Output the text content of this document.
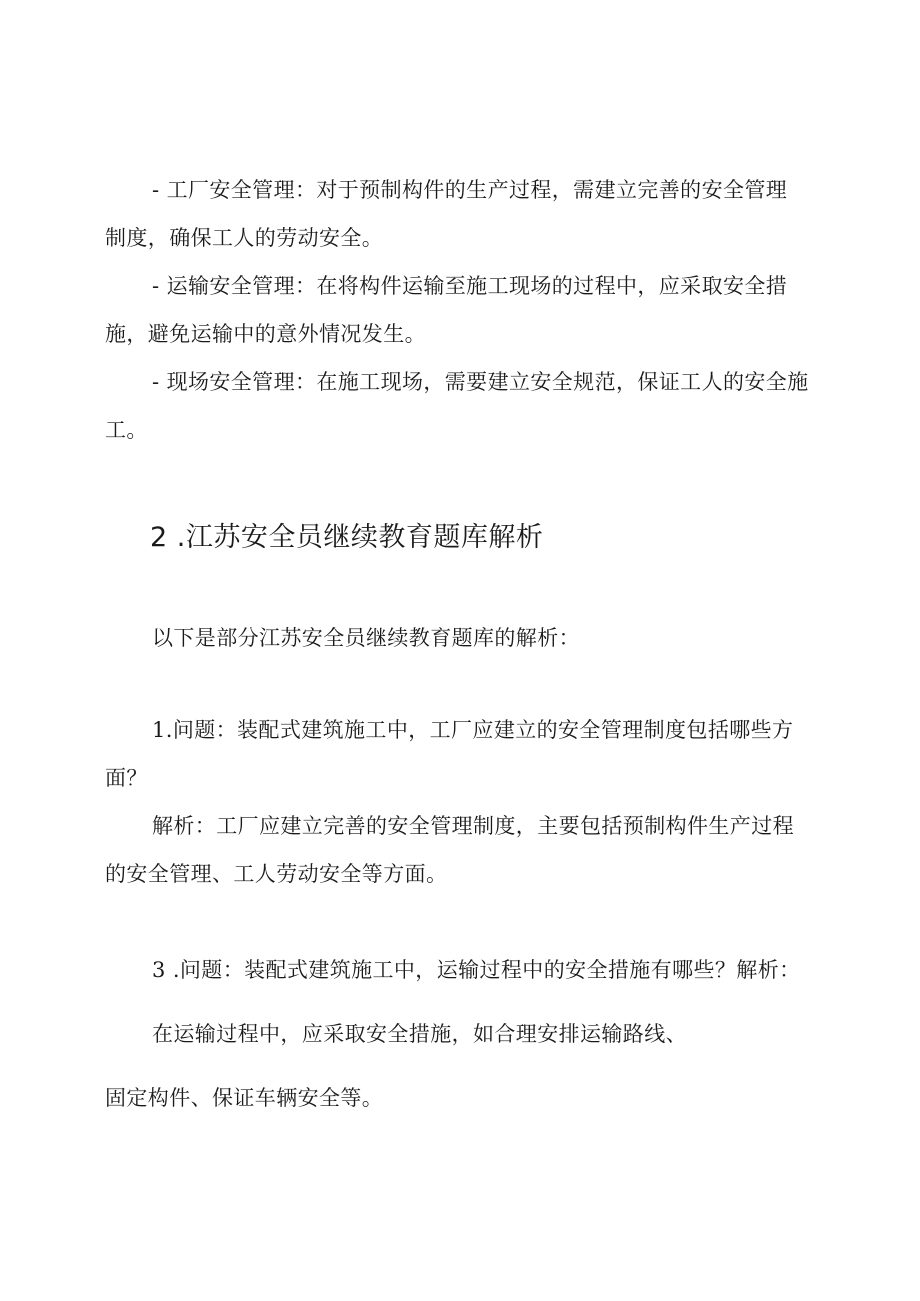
- 工厂安全管理：对于预制构件的生产过程，需建立完善的安全管理
制度，确保工人的劳动安全。
- 运输安全管理：在将构件运输至施工现场的过程中，应采取安全措
施，避免运输中的意外情况发生。
- 现场安全管理：在施工现场，需要建立安全规范，保证工人的安全施
工。
2 .江苏安全员继续教育题库解析
以下是部分江苏安全员继续教育题库的解析：
1.问题：装配式建筑施工中，工厂应建立的安全管理制度包括哪些方
面？
解析：工厂应建立完善的安全管理制度，主要包括预制构件生产过程
的安全管理、工人劳动安全等方面。
3 .问题：装配式建筑施工中，运输过程中的安全措施有哪些？解析：
在运输过程中，应采取安全措施，如合理安排运输路线、
固定构件、保证车辆安全等。
